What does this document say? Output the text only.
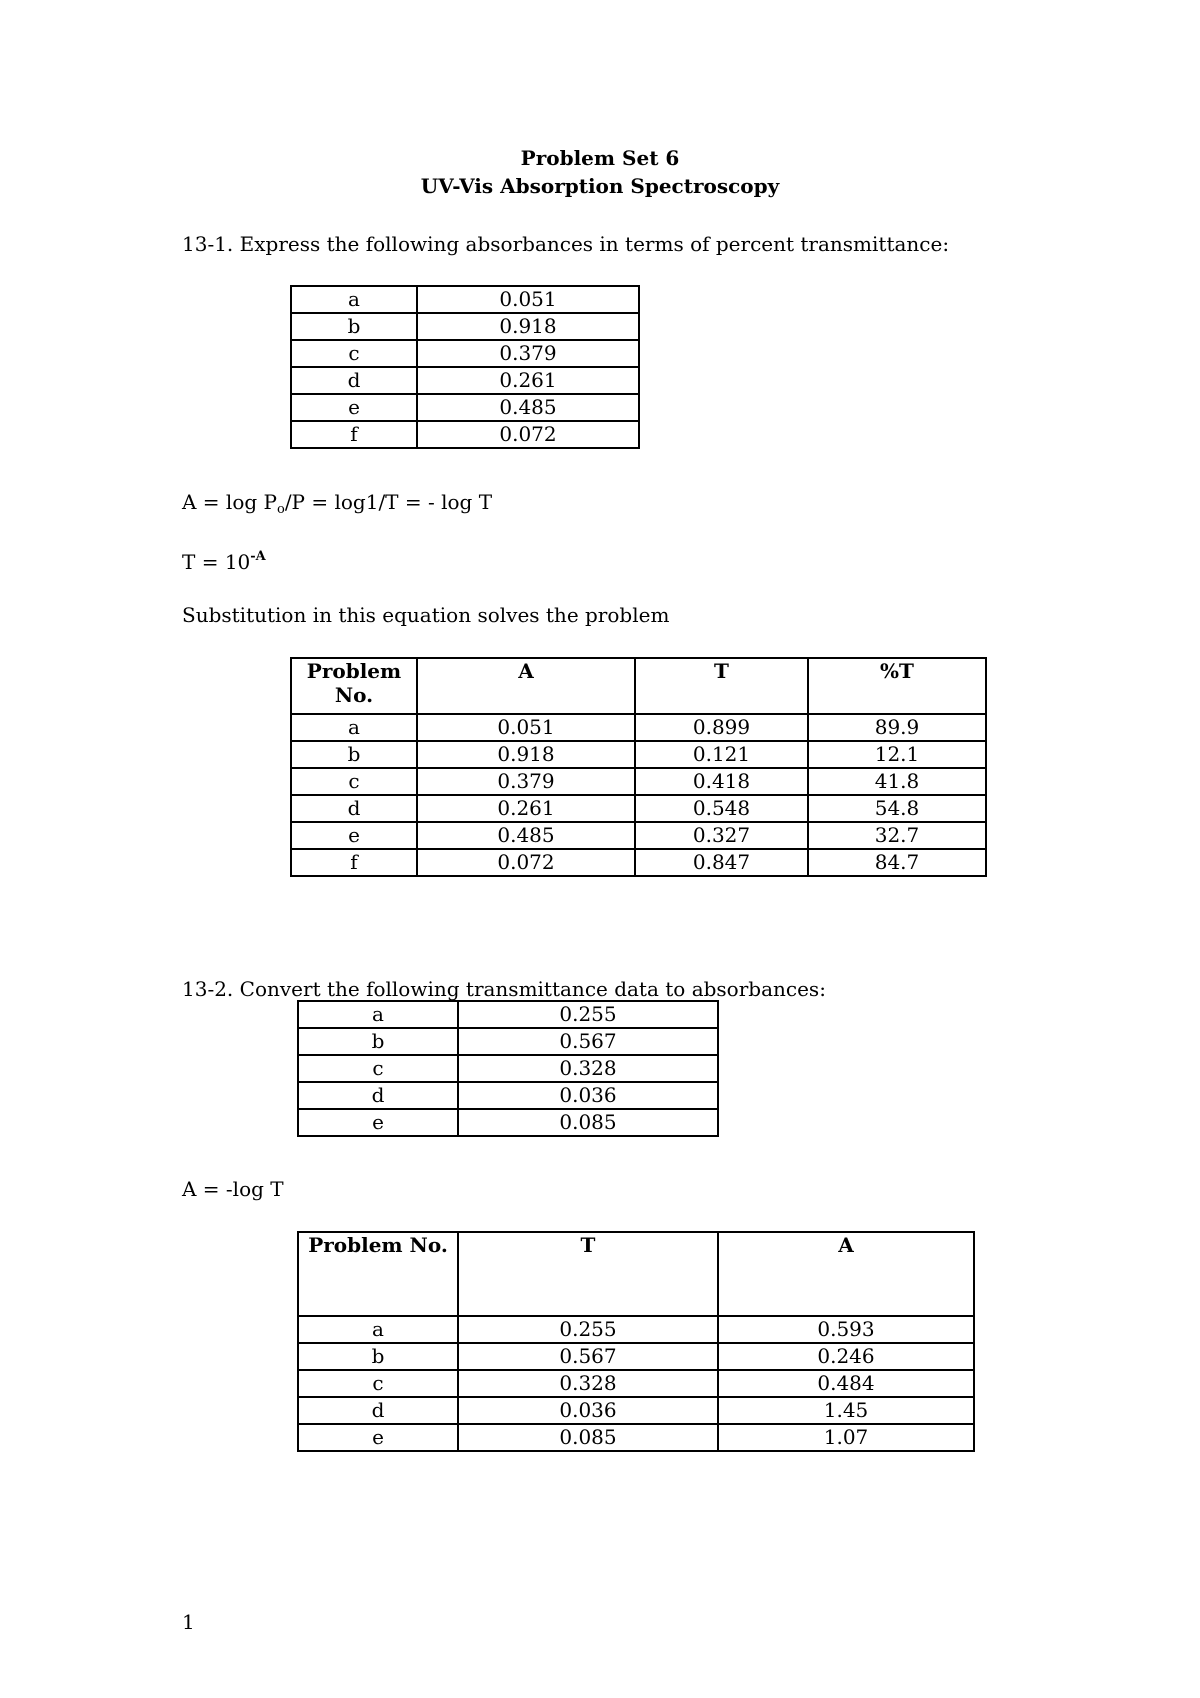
Problem Set 6
UV-Vis Absorption Spectroscopy
13-1. Express the following absorbances in terms of percent transmittance:
a	0.051
b	0.918
c	0.379
d	0.261
e	0.485
f	0.072
$A = \log P_o/P = \log 1/T$ = - log T
$T = 10^{-A}$
Substitution in this equation solves the problem
Problem No.	A	T	%T
a	0.051	0.899	89.9
b	0.918	0.121	12.1
c	0.379	0.418	41.8
d	0.261	0.548	54.8
e	0.485	0.327	32.7
f	0.072	0.847	84.7
13-2. Convert the following transmittance data to absorbances:
a	0.255
b	0.567
c	0.328
d	0.036
e	0.085
A = -log T
Problem No.	T	A
a	0.255	0.593
b	0.567	0.246
c	0.328	0.484
d	0.036	1.45
e	0.085	1.07
1
